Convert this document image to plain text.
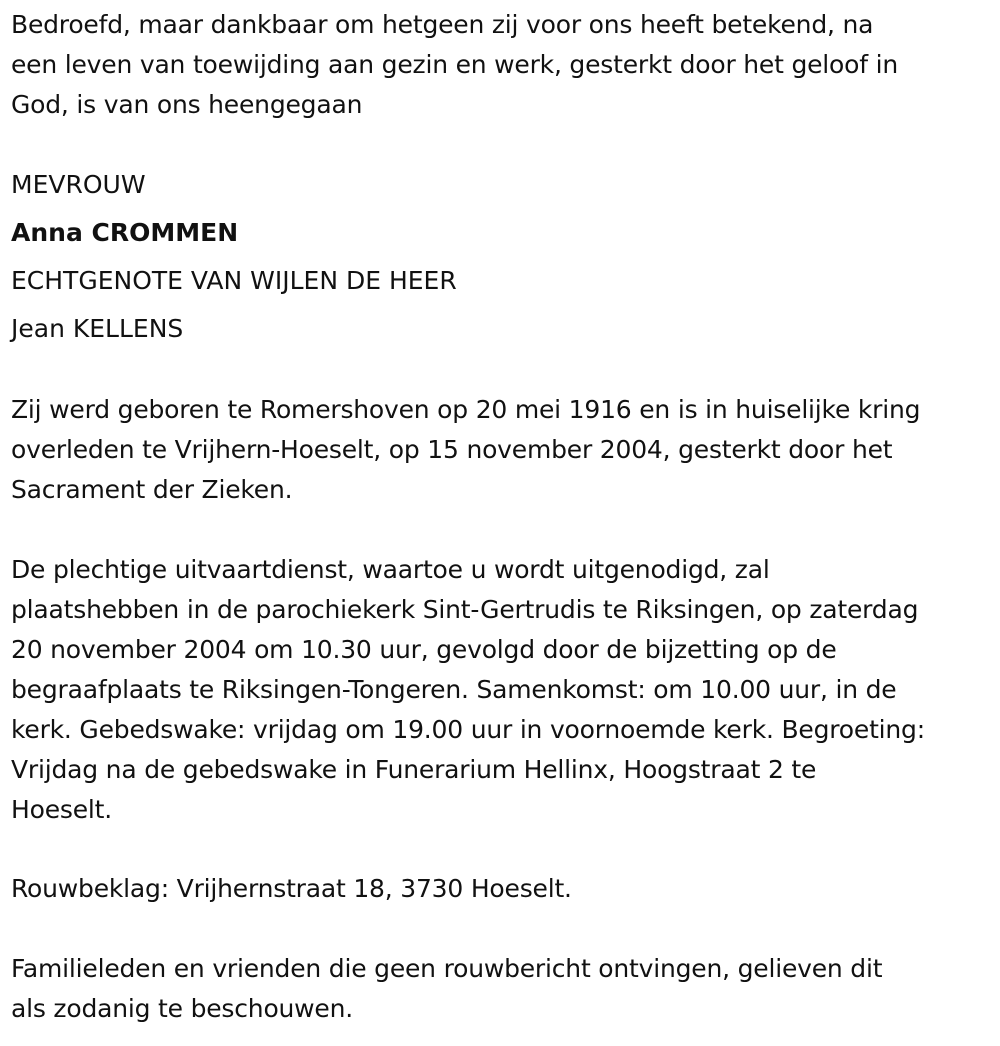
Bedroefd, maar dankbaar om hetgeen zij voor ons heeft betekend, na
een leven van toewijding aan gezin en werk, gesterkt door het geloof in
God, is van ons heengegaan

MEVROUW

Anna CROMMEN

ECHTGENOTE VAN WIJLEN DE HEER

Jean KELLENS

Zij werd geboren te Romershoven op 20 mei 1916 en is in huiselijke kring
overleden te Vrijhern-Hoeselt, op 15 november 2004, gesterkt door het
Sacrament der Zieken.

De plechtige uitvaartdienst, waartoe u wordt uitgenodigd, zal
plaatshebben in de parochiekerk Sint-Gertrudis te Riksingen, op zaterdag
20 november 2004 om 10.30 uur, gevolgd door de bijzetting op de
begraafplaats te Riksingen-Tongeren. Samenkomst: om 10.00 uur, in de
kerk. Gebedswake: vrijdag om 19.00 uur in voornoemde kerk. Begroeting:
Vrijdag na de gebedswake in Funerarium Hellinx, Hoogstraat 2 te
Hoeselt.

Rouwbeklag: Vrijhernstraat 18, 3730 Hoeselt.

Familieleden en vrienden die geen rouwbericht ontvingen, gelieven dit
als zodanig te beschouwen.
